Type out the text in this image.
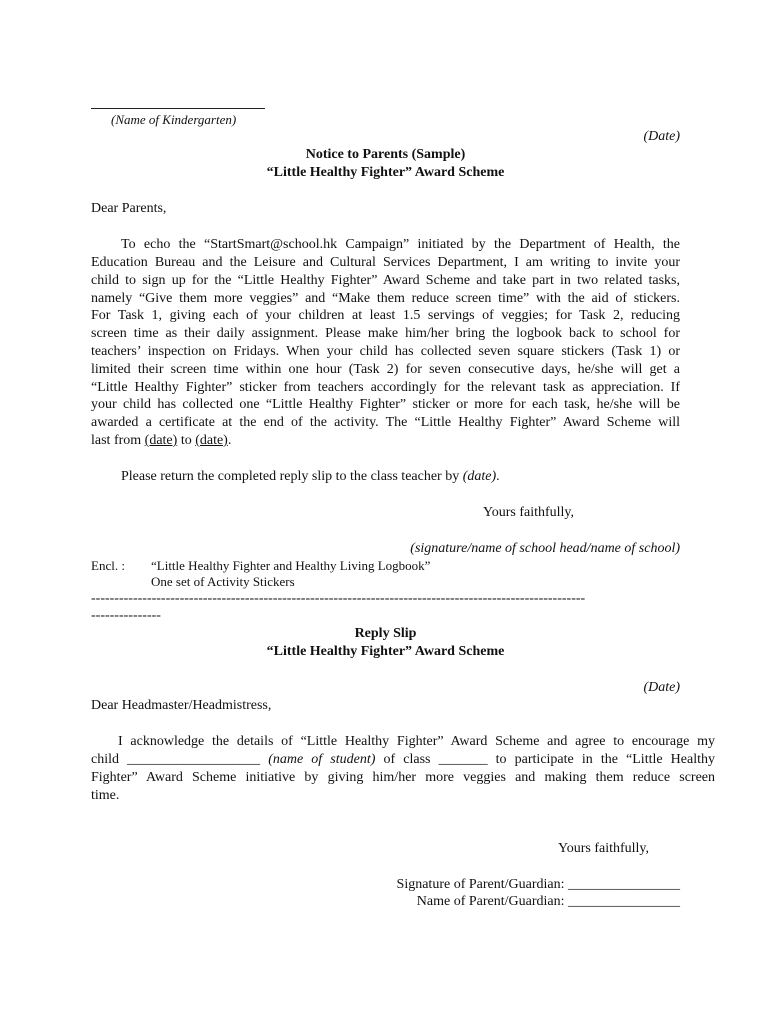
(Name of Kindergarten)
(Date)
Notice to Parents (Sample)
“Little Healthy Fighter” Award Scheme
Dear Parents,
To echo the “StartSmart@school.hk Campaign” initiated by the Department of Health, the
Education Bureau and the Leisure and Cultural Services Department, I am writing to invite your
child to sign up for the “Little Healthy Fighter” Award Scheme and take part in two related tasks,
namely “Give them more veggies” and “Make them reduce screen time” with the aid of stickers.
For Task 1, giving each of your children at least 1.5 servings of veggies; for Task 2, reducing
screen time as their daily assignment. Please make him/her bring the logbook back to school for
teachers’ inspection on Fridays. When your child has collected seven square stickers (Task 1) or
limited their screen time within one hour (Task 2) for seven consecutive days, he/she will get a
“Little Healthy Fighter” sticker from teachers accordingly for the relevant task as appreciation. If
your child has collected one “Little Healthy Fighter” sticker or more for each task, he/she will be
awarded a certificate at the end of the activity. The “Little Healthy Fighter” Award Scheme will
last from (date) to (date).
Please return the completed reply slip to the class teacher by (date).
Yours faithfully,
(signature/name of school head/name of school)
Encl. : “Little Healthy Fighter and Healthy Living Logbook”
One set of Activity Stickers
----------------------------------------------------------------------------------------------------------
---------------
Reply Slip
“Little Healthy Fighter” Award Scheme
(Date)
Dear Headmaster/Headmistress,
I acknowledge the details of “Little Healthy Fighter” Award Scheme and agree to encourage my
child ___________________ (name of student) of class _______ to participate in the “Little Healthy
Fighter” Award Scheme initiative by giving him/her more veggies and making them reduce screen
time.
Yours faithfully,
Signature of Parent/Guardian: ________________
Name of Parent/Guardian: ________________
